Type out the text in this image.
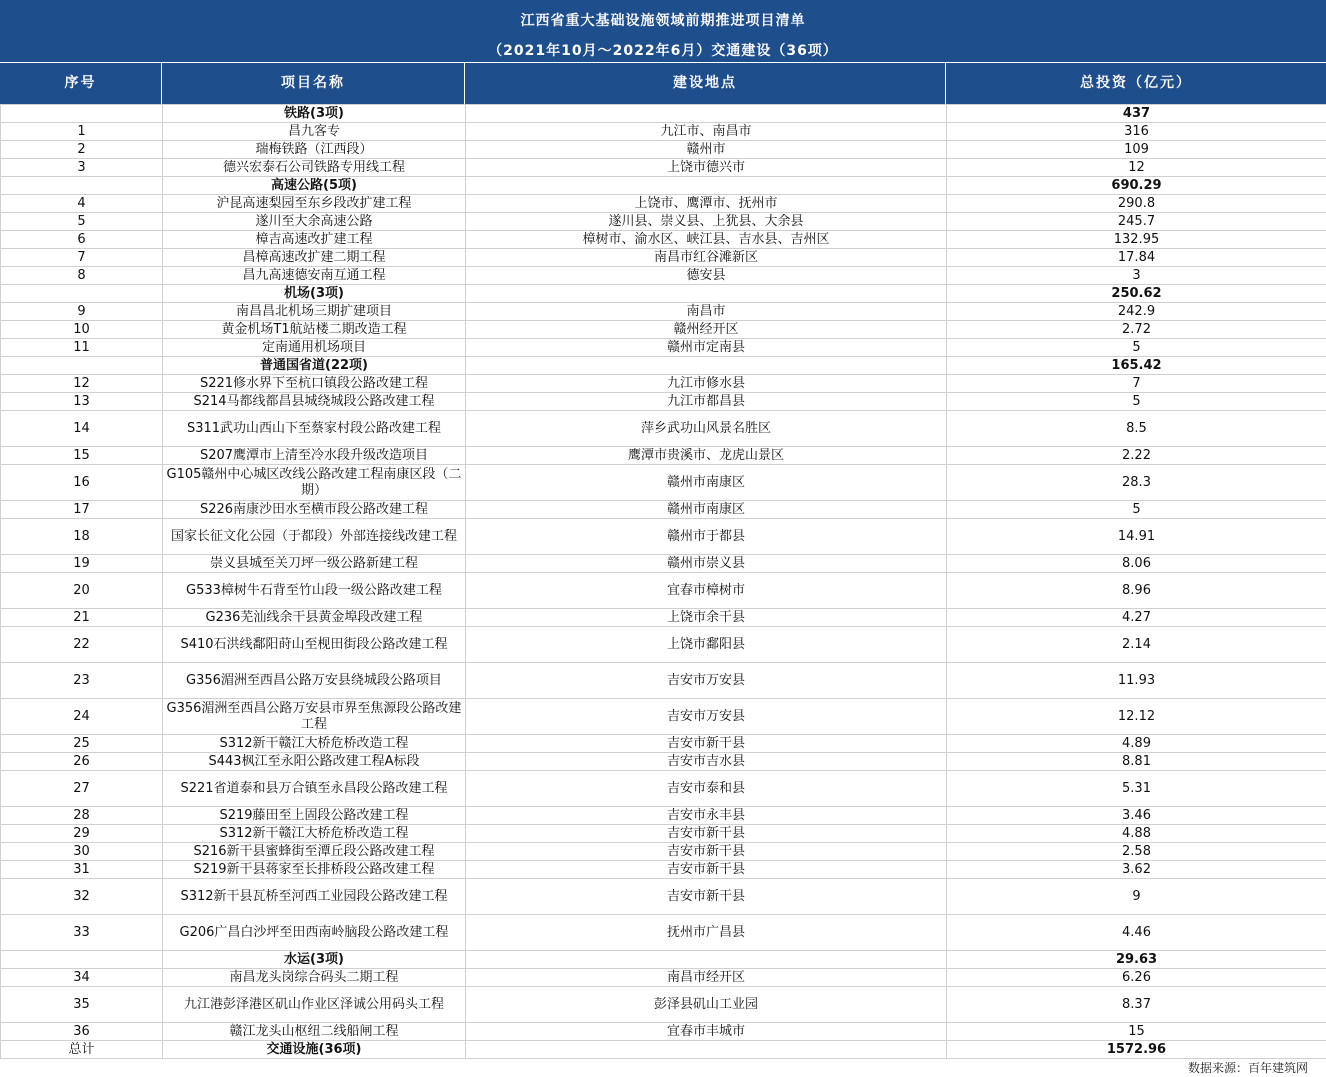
江西省重大基础设施领域前期推进项目清单
（2021年10月～2022年6月）交通建设（36项）
序号	项目名称	建设地点	总投资（亿元）
	铁路(3项)		437
1	昌九客专	九江市、南昌市	316
2	瑞梅铁路（江西段）	赣州市	109
3	德兴宏泰石公司铁路专用线工程	上饶市德兴市	12
	高速公路(5项)		690.29
4	沪昆高速梨园至东乡段改扩建工程	上饶市、鹰潭市、抚州市	290.8
5	遂川至大余高速公路	遂川县、崇义县、上犹县、大余县	245.7
6	樟吉高速改扩建工程	樟树市、渝水区、峡江县、吉水县、吉州区	132.95
7	昌樟高速改扩建二期工程	南昌市红谷滩新区	17.84
8	昌九高速德安南互通工程	德安县	3
	机场(3项)		250.62
9	南昌昌北机场三期扩建项目	南昌市	242.9
10	黄金机场T1航站楼二期改造工程	赣州经开区	2.72
11	定南通用机场项目	赣州市定南县	5
	普通国省道(22项)		165.42
12	S221修水界下至杭口镇段公路改建工程	九江市修水县	7
13	S214马都线都昌县城绕城段公路改建工程	九江市都昌县	5
14	S311武功山西山下至蔡家村段公路改建工程	萍乡武功山风景名胜区	8.5
15	S207鹰潭市上清至冷水段升级改造项目	鹰潭市贵溪市、龙虎山景区	2.22
16	G105赣州中心城区改线公路改建工程南康区段（二期）	赣州市南康区	28.3
17	S226南康沙田水至横市段公路改建工程	赣州市南康区	5
18	国家长征文化公园（于都段）外部连接线改建工程	赣州市于都县	14.91
19	崇义县城至关刀坪一级公路新建工程	赣州市崇义县	8.06
20	G533樟树牛石背至竹山段一级公路改建工程	宜春市樟树市	8.96
21	G236芜汕线余干县黄金埠段改建工程	上饶市余干县	4.27
22	S410石洪线鄱阳莳山至枧田街段公路改建工程	上饶市鄱阳县	2.14
23	G356湄洲至西昌公路万安县绕城段公路项目	吉安市万安县	11.93
24	G356湄洲至西昌公路万安县市界至焦源段公路改建工程	吉安市万安县	12.12
25	S312新干赣江大桥危桥改造工程	吉安市新干县	4.89
26	S443枫江至永阳公路改建工程A标段	吉安市吉水县	8.81
27	S221省道泰和县万合镇至永昌段公路改建工程	吉安市泰和县	5.31
28	S219藤田至上固段公路改建工程	吉安市永丰县	3.46
29	S312新干赣江大桥危桥改造工程	吉安市新干县	4.88
30	S216新干县蜜蜂街至潭丘段公路改建工程	吉安市新干县	2.58
31	S219新干县蒋家至长排桥段公路改建工程	吉安市新干县	3.62
32	S312新干县瓦桥至河西工业园段公路改建工程	吉安市新干县	9
33	G206广昌白沙坪至田西南岭脑段公路改建工程	抚州市广昌县	4.46
	水运(3项)		29.63
34	南昌龙头岗综合码头二期工程	南昌市经开区	6.26
35	九江港彭泽港区矶山作业区泽诚公用码头工程	彭泽县矶山工业园	8.37
36	赣江龙头山枢纽二线船闸工程	宜春市丰城市	15
总计	交通设施(36项)		1572.96
数据来源：百年建筑网
